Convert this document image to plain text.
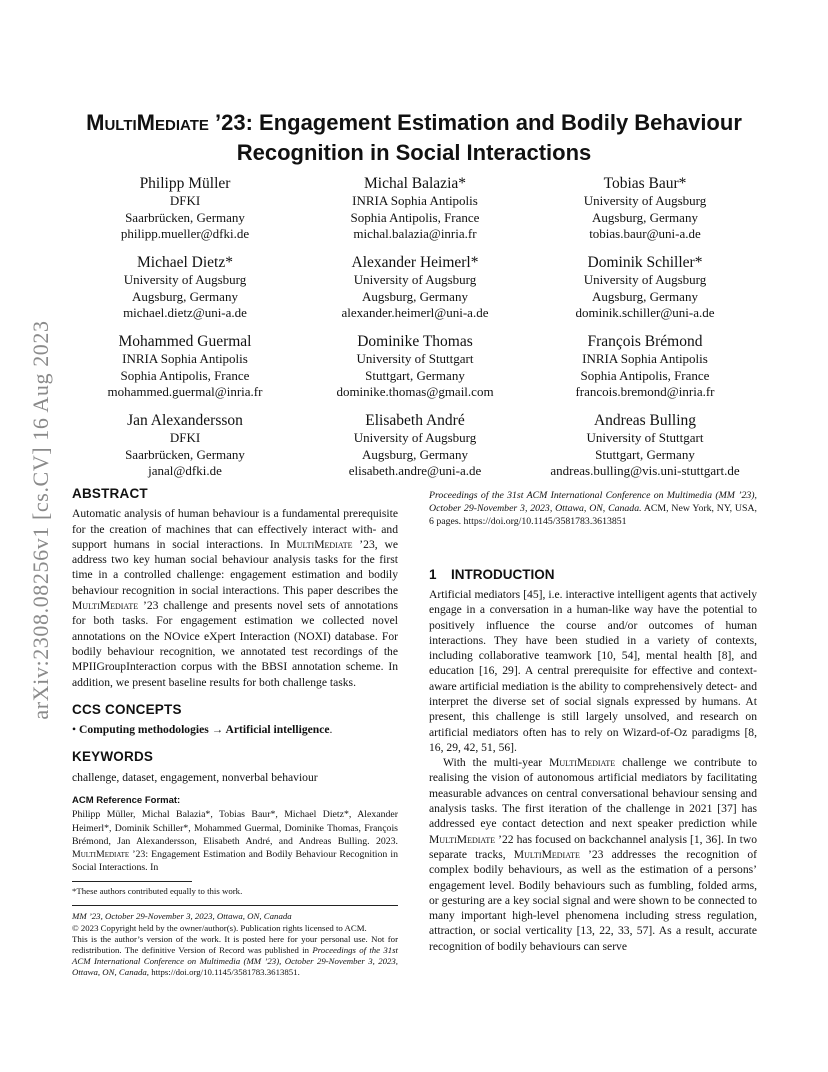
arXiv:2308.08256v1 [cs.CV] 16 Aug 2023
MultiMediate ’23: Engagement Estimation and Bodily Behaviour
Recognition in Social Interactions
Philipp Müller
DFKI
Saarbrücken, Germany
philipp.mueller@dfki.de
Michal Balazia*
INRIA Sophia Antipolis
Sophia Antipolis, France
michal.balazia@inria.fr
Tobias Baur*
University of Augsburg
Augsburg, Germany
tobias.baur@uni-a.de
Michael Dietz*
University of Augsburg
Augsburg, Germany
michael.dietz@uni-a.de
Alexander Heimerl*
University of Augsburg
Augsburg, Germany
alexander.heimerl@uni-a.de
Dominik Schiller*
University of Augsburg
Augsburg, Germany
dominik.schiller@uni-a.de
Mohammed Guermal
INRIA Sophia Antipolis
Sophia Antipolis, France
mohammed.guermal@inria.fr
Dominike Thomas
University of Stuttgart
Stuttgart, Germany
dominike.thomas@gmail.com
François Brémond
INRIA Sophia Antipolis
Sophia Antipolis, France
francois.bremond@inria.fr
Jan Alexandersson
DFKI
Saarbrücken, Germany
janal@dfki.de
Elisabeth André
University of Augsburg
Augsburg, Germany
elisabeth.andre@uni-a.de
Andreas Bulling
University of Stuttgart
Stuttgart, Germany
andreas.bulling@vis.uni-stuttgart.de
ABSTRACT

Automatic analysis of human behaviour is a fundamental prerequisite for the creation of machines that can effectively interact with- and support humans in social interactions. In MultiMediate ’23, we address two key human social behaviour analysis tasks for the first time in a controlled challenge: engagement estimation and bodily behaviour recognition in social interactions. This paper describes the MultiMediate ’23 challenge and presents novel sets of annotations for both tasks. For engagement estimation we collected novel annotations on the NOvice eXpert Interaction (NOXI) database. For bodily behaviour recognition, we annotated test recordings of the MPIIGroupInteraction corpus with the BBSI annotation scheme. In addition, we present baseline results for both challenge tasks.

CCS CONCEPTS
• Computing methodologies → Artificial intelligence.
KEYWORDS

challenge, dataset, engagement, nonverbal behaviour

ACM Reference Format:
Philipp Müller, Michal Balazia*, Tobias Baur*, Michael Dietz*, Alexander Heimerl*, Dominik Schiller*, Mohammed Guermal, Dominike Thomas, François Brémond, Jan Alexandersson, Elisabeth André, and Andreas Bulling. 2023. MultiMediate ’23: Engagement Estimation and Bodily Behaviour Recognition in Social Interactions. In
*These authors contributed equally to this work.
MM ’23, October 29-November 3, 2023, Ottawa, ON, Canada
© 2023 Copyright held by the owner/author(s). Publication rights licensed to ACM.
This is the author’s version of the work. It is posted here for your personal use. Not for redistribution. The definitive Version of Record was published in Proceedings of the 31st ACM International Conference on Multimedia (MM ’23), October 29-November 3, 2023, Ottawa, ON, Canada, https://doi.org/10.1145/3581783.3613851.
Proceedings of the 31st ACM International Conference on Multimedia (MM ’23), October 29-November 3, 2023, Ottawa, ON, Canada. ACM, New York, NY, USA, 6 pages. https://doi.org/10.1145/3581783.3613851
1 INTRODUCTION

Artificial mediators [45], i.e. interactive intelligent agents that actively engage in a conversation in a human-like way have the potential to positively influence the course and/or outcomes of human interactions. They have been studied in a variety of contexts, including collaborative teamwork [10, 54], mental health [8], and education [16, 29]. A central prerequisite for effective and context-aware artificial mediation is the ability to comprehensively detect- and interpret the diverse set of social signals expressed by humans. At present, this challenge is still largely unsolved, and research on artificial mediators often has to rely on Wizard-of-Oz paradigms [8, 16, 29, 42, 51, 56].

With the multi-year MultiMediate challenge we contribute to realising the vision of autonomous artificial mediators by facilitating measurable advances on central conversational behaviour sensing and analysis tasks. The first iteration of the challenge in 2021 [37] has addressed eye contact detection and next speaker prediction while MultiMediate ’22 has focused on backchannel analysis [1, 36]. In two separate tracks, MultiMediate ’23 addresses the recognition of complex bodily behaviours, as well as the estimation of a persons’ engagement level. Bodily behaviours such as fumbling, folded arms, or gesturing are a key social signal and were shown to be connected to many important high-level phenomena including stress regulation, attraction, or social verticality [13, 22, 33, 57]. As a result, accurate recognition of bodily behaviours can serve
